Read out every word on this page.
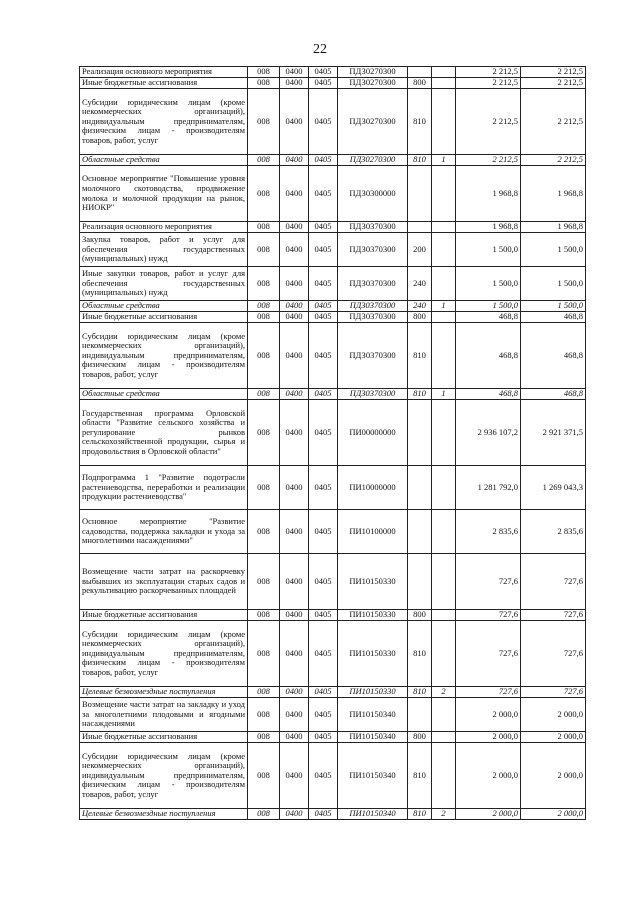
22
Реализация основного мероприятия	008	0400	0405	ПДЗ0270300			2 212,5	2 212,5
Иные бюджетные ассигнования	008	0400	0405	ПДЗ0270300	800		2 212,5	2 212,5
Субсидии юридическим лицам (кроме некоммерческих организаций), индивидуальным предпринимателям, физическим лицам - производителям товаров, работ, услуг	008	0400	0405	ПДЗ0270300	810		2 212,5	2 212,5
Областные средства	008	0400	0405	ПДЗ0270300	810	1	2 212,5	2 212,5
Основное мероприятие "Повышение уровня молочного скотоводства, продвижение молока и молочной продукции на рынок, НИОКР"	008	0400	0405	ПДЗ0300000			1 968,8	1 968,8
Реализация основного мероприятия	008	0400	0405	ПДЗ0370300			1 968,8	1 968,8
Закупка товаров, работ и услуг для обеспечения государственных (муниципальных) нужд	008	0400	0405	ПДЗ0370300	200		1 500,0	1 500,0
Иные закупки товаров, работ и услуг для обеспечения государственных (муниципальных) нужд	008	0400	0405	ПДЗ0370300	240		1 500,0	1 500,0
Областные средства	008	0400	0405	ПДЗ0370300	240	1	1 500,0	1 500,0
Иные бюджетные ассигнования	008	0400	0405	ПДЗ0370300	800		468,8	468,8
Субсидии юридическим лицам (кроме некоммерческих организаций), индивидуальным предпринимателям, физическим лицам - производителям товаров, работ, услуг	008	0400	0405	ПДЗ0370300	810		468,8	468,8
Областные средства	008	0400	0405	ПДЗ0370300	810	1	468,8	468,8
Государственная программа Орловской области "Развитие сельского хозяйства и регулирование рынков сельскохозяйственной продукции, сырья и продовольствия в Орловской области"	008	0400	0405	ПИ00000000			2 936 107,2	2 921 371,5
Подпрограмма 1 "Развитие подотрасли растениеводства, переработки и реализации продукции растениеводства"	008	0400	0405	ПИ10000000			1 281 792,0	1 269 043,3
Основное мероприятие "Развитие садоводства, поддержка закладки и ухода за многолетними насаждениями"	008	0400	0405	ПИ10100000			2 835,6	2 835,6
Возмещение части затрат на раскорчевку выбывших из эксплуатации старых садов и рекультивацию раскорчеванных площадей	008	0400	0405	ПИ10150330			727,6	727,6
Иные бюджетные ассигнования	008	0400	0405	ПИ10150330	800		727,6	727,6
Субсидии юридическим лицам (кроме некоммерческих организаций), индивидуальным предпринимателям, физическим лицам - производителям товаров, работ, услуг	008	0400	0405	ПИ10150330	810		727,6	727,6
Целевые безвозмездные поступления	008	0400	0405	ПИ10150330	810	2	727,6	727,6
Возмещение части затрат на закладку и уход за многолетними плодовыми и ягодными насаждениями	008	0400	0405	ПИ10150340			2 000,0	2 000,0
Иные бюджетные ассигнования	008	0400	0405	ПИ10150340	800		2 000,0	2 000,0
Субсидии юридическим лицам (кроме некоммерческих организаций), индивидуальным предпринимателям, физическим лицам - производителям товаров, работ, услуг	008	0400	0405	ПИ10150340	810		2 000,0	2 000,0
Целевые безвозмездные поступления	008	0400	0405	ПИ10150340	810	2	2 000,0	2 000,0
